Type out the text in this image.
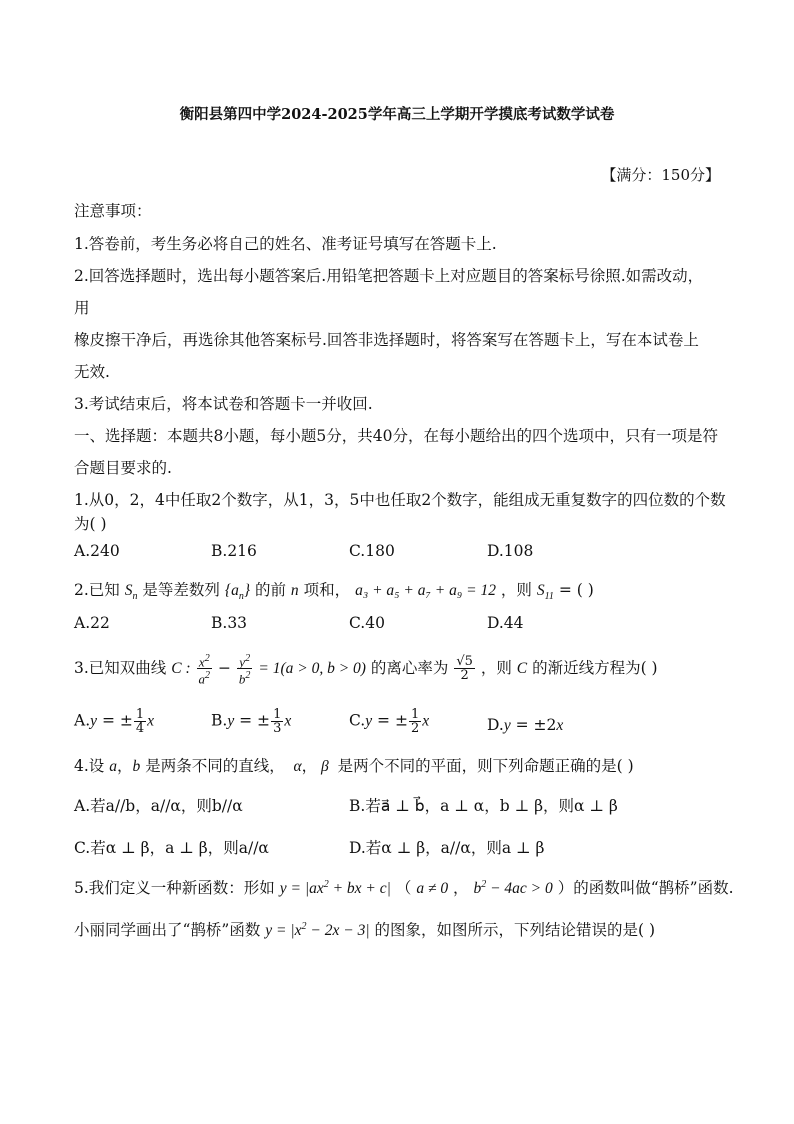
衡阳县第四中学2024-2025学年高三上学期开学摸底考试数学试卷
【满分：150分】
注意事项：
1.答卷前，考生务必将自己的姓名、准考证号填写在答题卡上.
2.回答选择题时，选出每小题答案后.用铅笔把答题卡上对应题目的答案标号徐照.如需改动，
用
橡皮擦干净后，再选徐其他答案标号.回答非选择题时，将答案写在答题卡上，写在本试卷上
无效.
3.考试结束后，将本试卷和答题卡一并收回.
一、选择题：本题共8小题，每小题5分，共40分，在每小题给出的四个选项中，只有一项是符
合题目要求的.
1.从0，2，4中任取2个数字，从1，3，5中也任取2个数字，能组成无重复数字的四位数的个数
为( )
A.240	B.216	C.180	D.108
2.已知 $S_n$ 是等差数列 $\{a_n\}$ 的前 n 项和， a₃ + a₅ + a₇ + a₉ = 12 ，则 $S_{11}$ = ( )
A.22	B.33	C.40	D.44
3.已知双曲线 C : $\frac{x^2}{a^2} - \frac{y^2}{b^2} = 1(a > 0$, b > 0) 的离心率为 $\frac{√5}{2}$ ，则 C 的渐近线方程为( )
A.y = ± $\frac{1}{4}$ x	B.y = ± $\frac{1}{3}$ x	C.y = ± $\frac{1}{2}$ x	D.y = ±2x
4.设 a，b 是两条不同的直线，  α， β  是两个不同的平面，则下列命题正确的是( )
A.若a//b，a//α，则b//α	B.若a⃗ ⊥ b⃗，a ⊥ α，b ⊥ β，则α ⊥ β
C.若α ⊥ β，a ⊥ β，则a//α	D.若α ⊥ β，a//α，则a ⊥ β
5.我们定义一种新函数：形如 $y = |ax^2$ + bx + c| （ a ≠ 0 ， $b^2 - 4ac > 0$ ）的函数叫做“鹊桥”函数.
小丽同学画出了“鹊桥”函数 $y = |x^2 - 2x - 3|$ 的图象，如图所示，下列结论错误的是( )
